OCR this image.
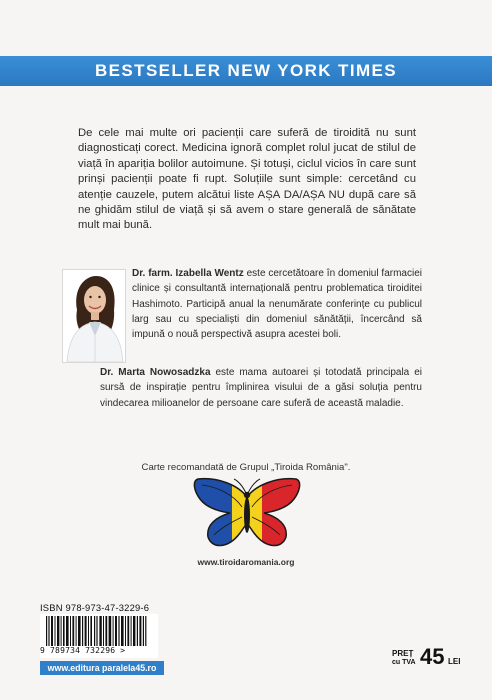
BESTSELLER NEW YORK TIMES
De cele mai multe ori pacienții care suferă de tiroidită nu sunt diagnosticați corect. Medicina ignoră complet rolul jucat de stilul de viață în apariția bolilor autoimune. Și totuși, ciclul vicios în care sunt prinși pacienții poate fi rupt. Soluțiile sunt simple: cercetând cu atenție cauzele, putem alcătui liste AȘA DA/AȘA NU după care să ne ghidăm stilul de viață și să avem o stare generală de sănătate mult mai bună.
Dr. farm. Izabella Wentz este cercetătoare în domeniul farmaciei clinice și consultantă internațională pentru problematica tiroiditei Hashimoto. Participă anual la nenumărate conferințe cu publicul larg sau cu specialiști din domeniul sănătății, încercând să impună o nouă perspectivă asupra acestei boli.
Dr. Marta Nowosadzka este mama autoarei și totodată principala ei sursă de inspirație pentru împlinirea visului de a găsi soluția pentru vindecarea milioanelor de persoane care suferă de această maladie.
Carte recomandată de Grupul „Tiroida România".
www.tiroidaromania.org
ISBN 978-973-47-3229-6
9 789734 732296 >
www.editura paralela45.ro
PREȚ
cu TVA 45 LEI
